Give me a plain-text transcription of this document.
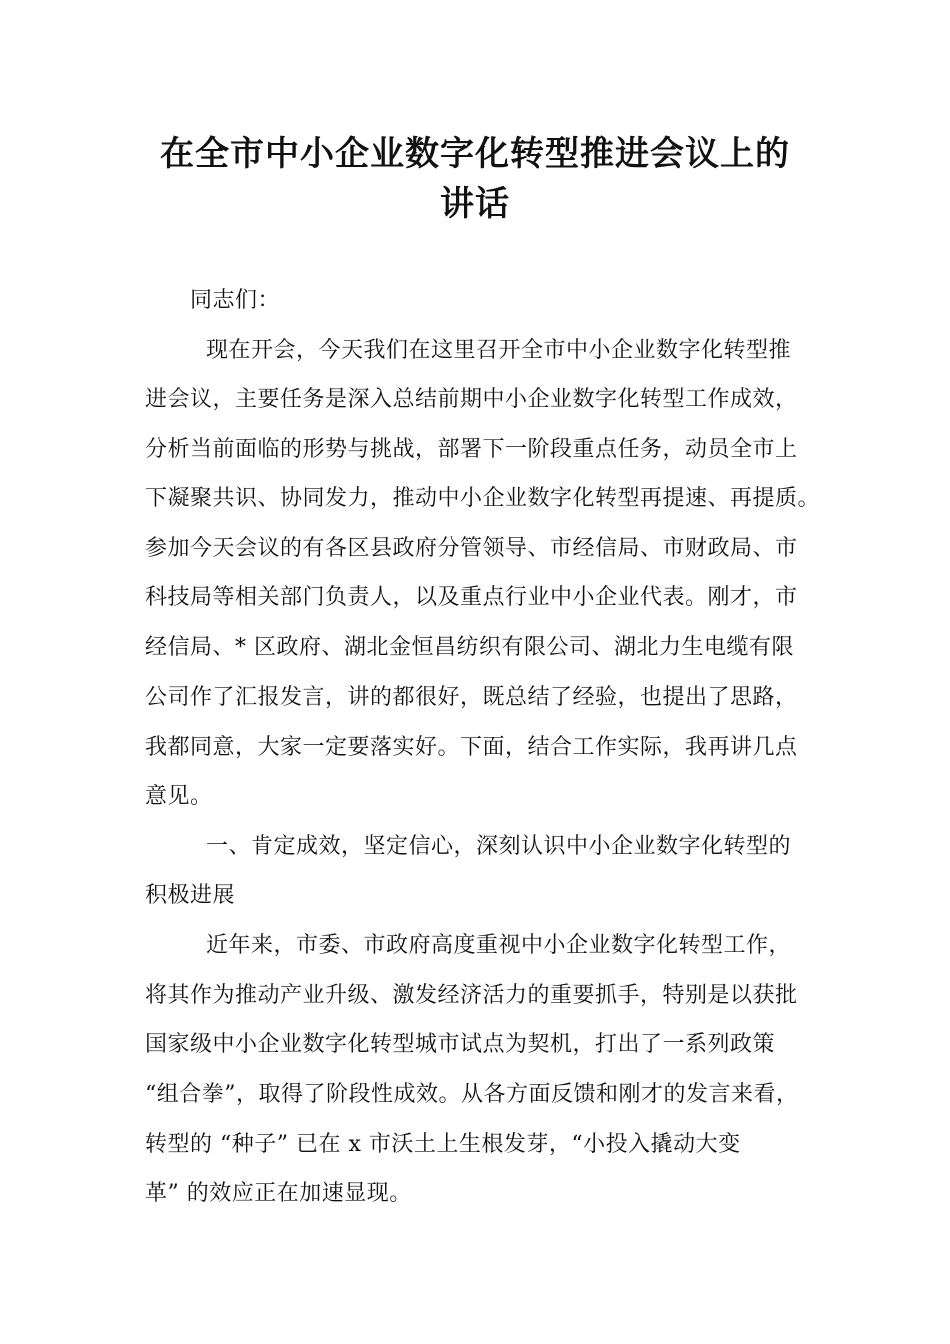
在全市中小企业数字化转型推进会议上的
讲话
同志们：
现在开会，今天我们在这里召开全市中小企业数字化转型推
进会议，主要任务是深入总结前期中小企业数字化转型工作成效，
分析当前面临的形势与挑战，部署下一阶段重点任务，动员全市上
下凝聚共识、协同发力，推动中小企业数字化转型再提速、再提质。
参加今天会议的有各区县政府分管领导、市经信局、市财政局、市
科技局等相关部门负责人，以及重点行业中小企业代表。刚才，市
经信局、* 区政府、湖北金恒昌纺织有限公司、湖北力生电缆有限
公司作了汇报发言，讲的都很好，既总结了经验，也提出了思路，
我都同意，大家一定要落实好。下面，结合工作实际，我再讲几点
意见。
一、肯定成效，坚定信心，深刻认识中小企业数字化转型的
积极进展
近年来，市委、市政府高度重视中小企业数字化转型工作，
将其作为推动产业升级、激发经济活力的重要抓手，特别是以获批
国家级中小企业数字化转型城市试点为契机，打出了一系列政策
“组合拳”，取得了阶段性成效。从各方面反馈和刚才的发言来看，
转型的 “种子” 已在 x 市沃土上生根发芽，“小投入撬动大变
革” 的效应正在加速显现。
